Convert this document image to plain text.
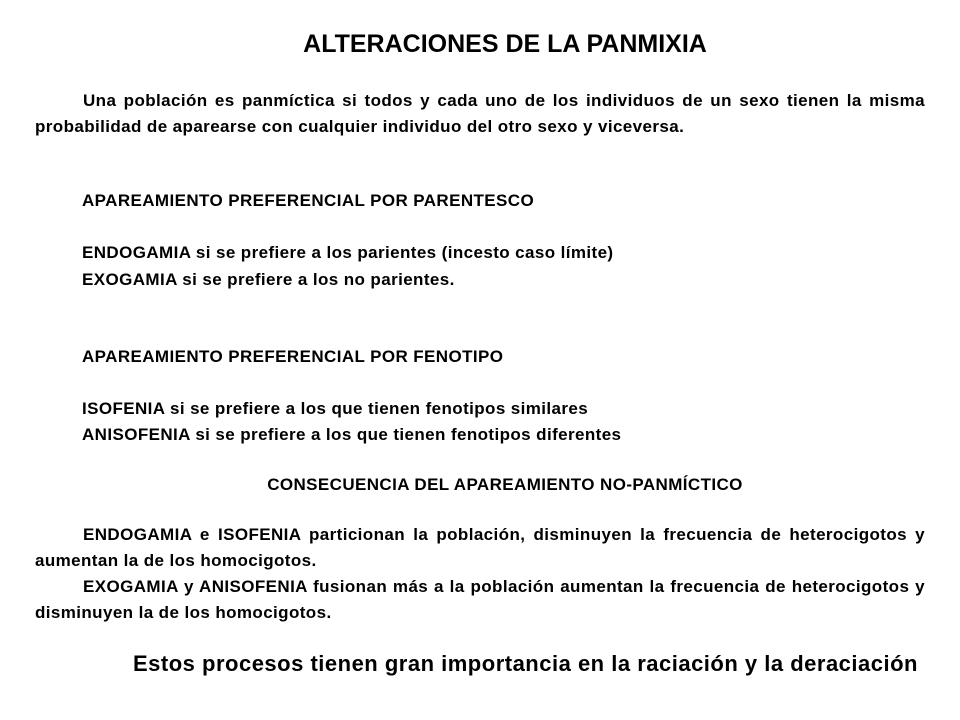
ALTERACIONES DE LA PANMIXIA

Una población es panmíctica si todos y cada uno de los individuos de un sexo tienen la misma probabilidad de aparearse con cualquier individuo del otro sexo y viceversa.

APAREAMIENTO PREFERENCIAL POR PARENTESCO

ENDOGAMIA si se prefiere a los parientes (incesto caso límite)

EXOGAMIA si se prefiere a los no parientes.

APAREAMIENTO PREFERENCIAL POR FENOTIPO

ISOFENIA si se prefiere a los que tienen fenotipos similares

ANISOFENIA si se prefiere a los que tienen fenotipos diferentes

CONSECUENCIA DEL APAREAMIENTO NO-PANMÍCTICO

ENDOGAMIA e ISOFENIA particionan la población, disminuyen la frecuencia de heterocigotos y aumentan la de los homocigotos.

EXOGAMIA y ANISOFENIA fusionan más a la población aumentan la frecuencia de heterocigotos y disminuyen la de los homocigotos.

Estos procesos tienen gran importancia en la raciación y la deraciación
